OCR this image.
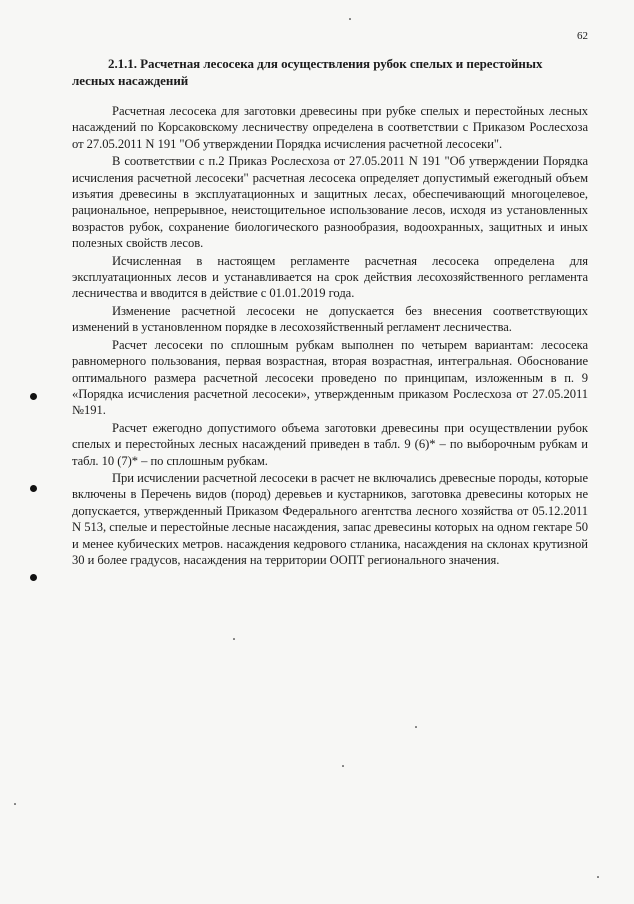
62
2.1.1. Расчетная лесосека для осуществления рубок спелых и перестойных лесных насаждений

Расчетная лесосека для заготовки древесины при рубке спелых и перестойных лесных насаждений по Корсаковскому лесничеству определена в соответствии с Приказом Рослесхоза от 27.05.2011 N 191 "Об утверждении Порядка исчисления расчетной лесосеки".

В соответствии с п.2 Приказ Рослесхоза от 27.05.2011 N 191 "Об утверждении Порядка исчисления расчетной лесосеки" расчетная лесосека определяет допустимый ежегодный объем изъятия древесины в эксплуатационных и защитных лесах, обеспечивающий многоцелевое, рациональное, непрерывное, неистощительное использование лесов, исходя из установленных возрастов рубок, сохранение биологического разнообразия, водоохранных, защитных и иных полезных свойств лесов.

Исчисленная в настоящем регламенте расчетная лесосека определена для эксплуатационных лесов и устанавливается на срок действия лесохозяйственного регламента лесничества и вводится в действие с 01.01.2019 года.

Изменение расчетной лесосеки не допускается без внесения соответствующих изменений в установленном порядке в лесохозяйственный регламент лесничества.

Расчет лесосеки по сплошным рубкам выполнен по четырем вариантам: лесосека равномерного пользования, первая возрастная, вторая возрастная, интегральная. Обоснование оптимального размера расчетной лесосеки проведено по принципам, изложенным в п. 9 «Порядка исчисления расчетной лесосеки», утвержденным приказом Рослесхоза от 27.05.2011 №191.

Расчет ежегодно допустимого объема заготовки древесины при осуществлении рубок спелых и перестойных лесных насаждений приведен в табл. 9 (6)* – по выборочным рубкам и табл. 10 (7)* – по сплошным рубкам.

При исчислении расчетной лесосеки в расчет не включались древесные породы, которые включены в Перечень видов (пород) деревьев и кустарников, заготовка древесины которых не допускается, утвержденный Приказом Федерального агентства лесного хозяйства от 05.12.2011 N 513, спелые и перестойные лесные насаждения, запас древесины которых на одном гектаре 50 и менее кубических метров. насаждения кедрового стланика, насаждения на склонах крутизной 30 и более градусов, насаждения на территории ООПТ регионального значения.
